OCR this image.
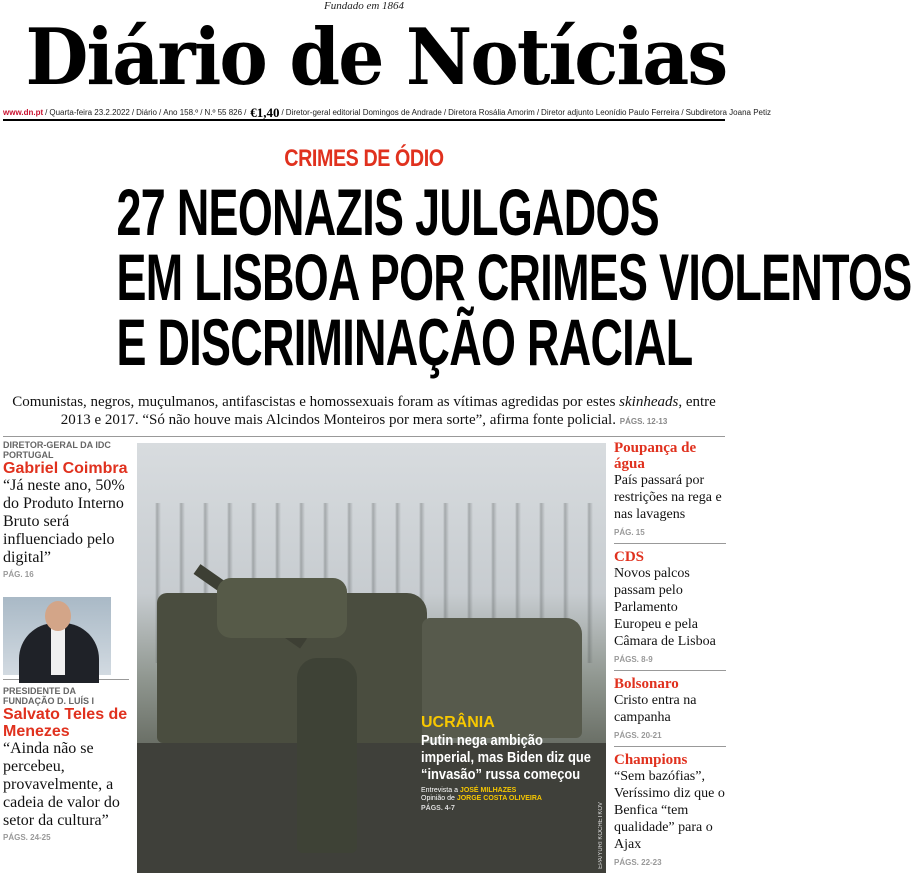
Fundado em 1864
Diário de Notícias
www.dn.pt / Quarta-feira 23.2.2022 / Diário / Ano 158.º / N.º 55 826 / €1,40 / Diretor-geral editorial Domingos de Andrade / Diretora Rosália Amorim / Diretor adjunto Leonídio Paulo Ferreira / Subdiretora Joana Petiz
CRIMES DE ÓDIO
27 NEONAZIS JULGADOS
EM LISBOA POR CRIMES VIOLENTOS
E DISCRIMINAÇÃO RACIAL
Comunistas, negros, muçulmanos, antifascistas e homossexuais foram as vítimas agredidas por estes skinheads, entre 2013 e 2017. “Só não houve mais Alcindos Monteiros por mera sorte”, afirma fonte policial. PÁGS. 12-13
DIRETOR-GERAL DA IDC PORTUGAL
Gabriel Coimbra
“Já neste ano, 50% do Produto Interno Bruto será influenciado pelo digital”
PÁG. 16
PRESIDENTE DA FUNDAÇÃO D. LUÍS I
Salvato Teles de Menezes
“Ainda não se percebeu, provavelmente, a cadeia de valor do setor da cultura”
PÁGS. 24-25	EPA/YURI KOCHETKOV
UCRÂNIA
Putin nega ambição imperial, mas Biden diz que “invasão” russa começou
Entrevista a JOSÉ MILHAZES
Opinião de JORGE COSTA OLIVEIRA
PÁGS. 4-7
Poupança de água
País passará por restrições na rega e nas lavagens
PÁG. 15
CDS
Novos palcos passam pelo Parlamento Europeu e pela Câmara de Lisboa
PÁGS. 8-9
Bolsonaro
Cristo entra na campanha
PÁGS. 20-21
Champions
“Sem bazófias”, Veríssimo diz que o Benfica “tem qualidade” para o Ajax
PÁGS. 22-23
